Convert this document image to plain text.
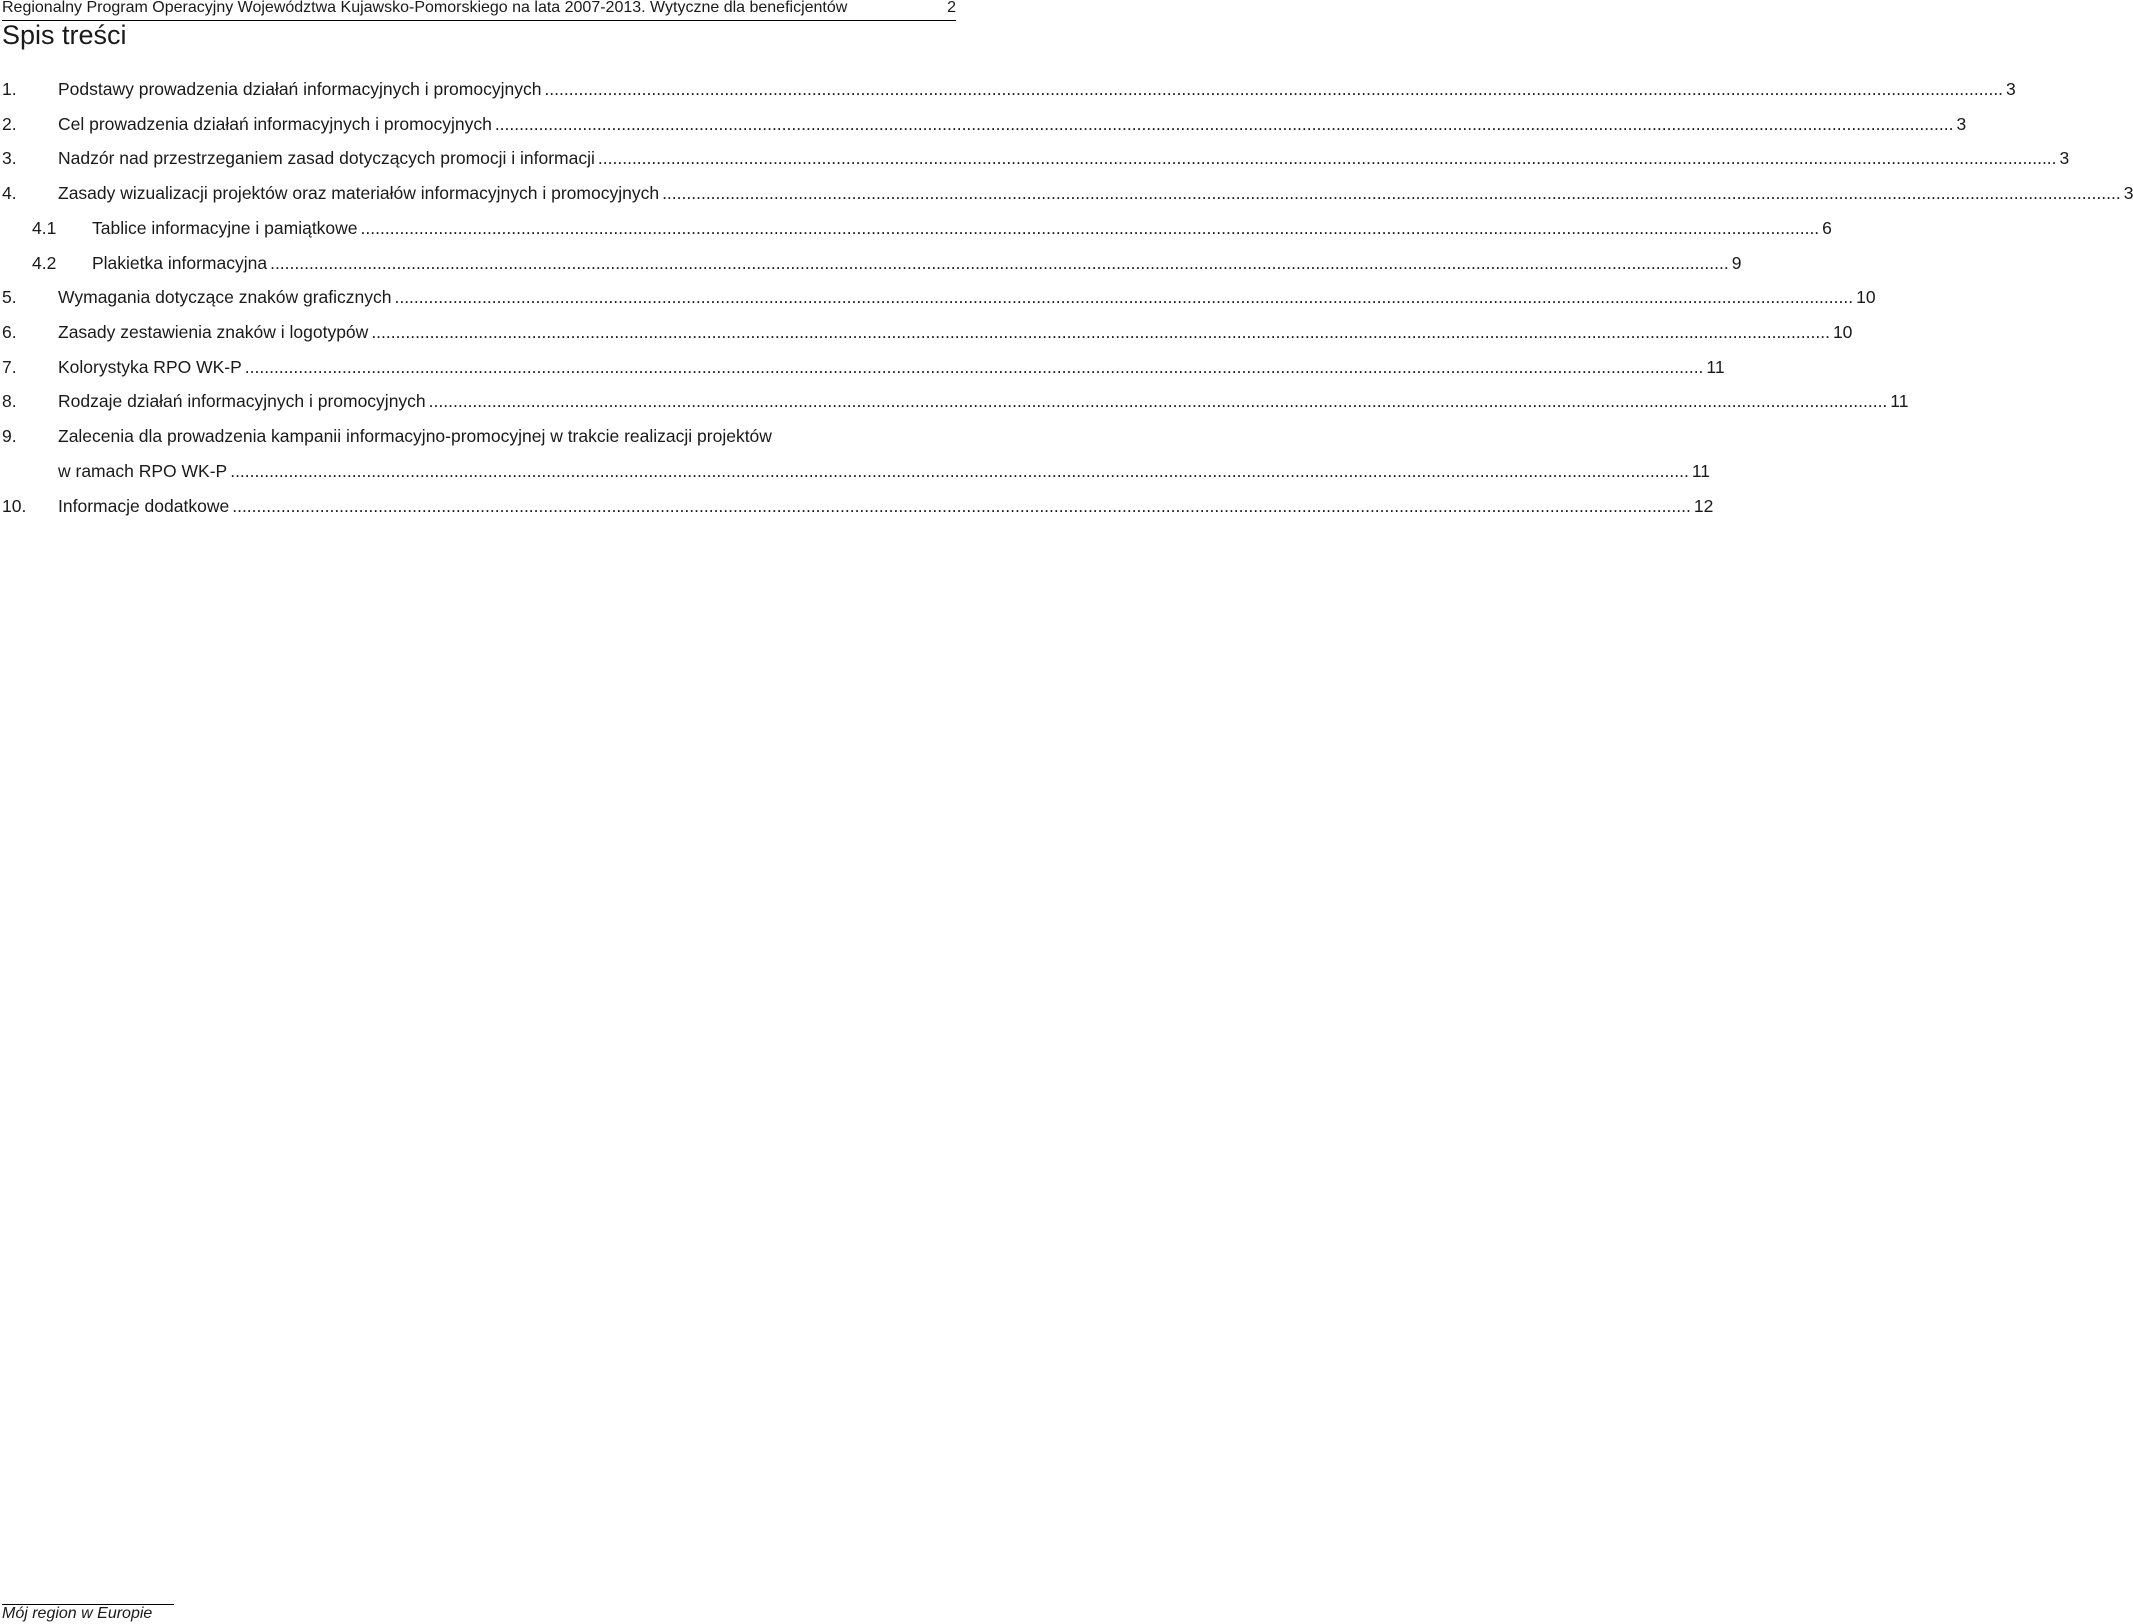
Regionalny Program Operacyjny Województwa Kujawsko-Pomorskiego na lata 2007-2013. Wytyczne dla beneficjentów	2
Spis treści
1. Podstawy prowadzenia działań informacyjnych i promocyjnych ............................................................................................................................................................................................................................................................................................................ 3
2. Cel prowadzenia działań informacyjnych i promocyjnych ............................................................................................................................................................................................................................................................................................................ 3
3. Nadzór nad przestrzeganiem zasad dotyczących promocji i informacji ............................................................................................................................................................................................................................................................................................................ 3
4. Zasady wizualizacji projektów oraz materiałów informacyjnych i promocyjnych ............................................................................................................................................................................................................................................................................................................ 3
4.1 Tablice informacyjne i pamiątkowe ............................................................................................................................................................................................................................................................................................................ 6
4.2 Plakietka informacyjna ............................................................................................................................................................................................................................................................................................................ 9
5. Wymagania dotyczące znaków graficznych ............................................................................................................................................................................................................................................................................................................ 10
6. Zasady zestawienia znaków i logotypów ............................................................................................................................................................................................................................................................................................................ 10
7. Kolorystyka RPO WK-P ............................................................................................................................................................................................................................................................................................................ 11
8. Rodzaje działań informacyjnych i promocyjnych ............................................................................................................................................................................................................................................................................................................ 11
9. Zalecenia dla prowadzenia kampanii informacyjno-promocyjnej w trakcie realizacji projektów
w ramach RPO WK-P ............................................................................................................................................................................................................................................................................................................ 11
10. Informacje dodatkowe ............................................................................................................................................................................................................................................................................................................ 12
Mój region w Europie
